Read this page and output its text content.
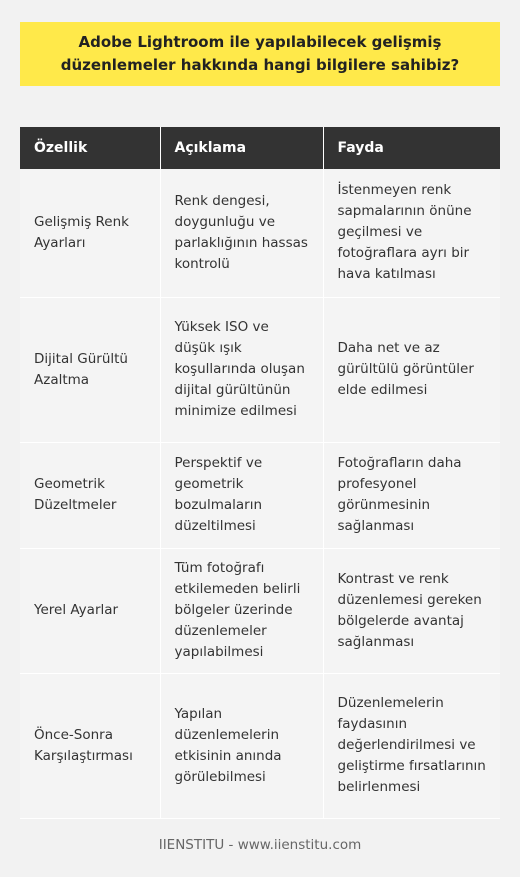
Adobe Lightroom ile yapılabilecek gelişmiş düzenlemeler hakkında hangi bilgilere sahibiz?
Özellik	Açıklama	Fayda
Gelişmiş Renk Ayarları	Renk dengesi, doygunluğu ve parlaklığının hassas kontrolü	İstenmeyen renk sapmalarının önüne geçilmesi ve fotoğraflara ayrı bir hava katılması
Dijital Gürültü Azaltma	Yüksek ISO ve düşük ışık koşullarında oluşan dijital gürültünün minimize edilmesi	Daha net ve az gürültülü görüntüler elde edilmesi
Geometrik Düzeltmeler	Perspektif ve geometrik bozulmaların düzeltilmesi	Fotoğrafların daha profesyonel görünmesinin sağlanması
Yerel Ayarlar	Tüm fotoğrafı etkilemeden belirli bölgeler üzerinde düzenlemeler yapılabilmesi	Kontrast ve renk düzenlemesi gereken bölgelerde avantaj sağlanması
Önce-Sonra Karşılaştırması	Yapılan düzenlemelerin etkisinin anında görülebilmesi	Düzenlemelerin faydasının değerlendirilmesi ve geliştirme fırsatlarının belirlenmesi
IIENSTITU - www.iienstitu.com
